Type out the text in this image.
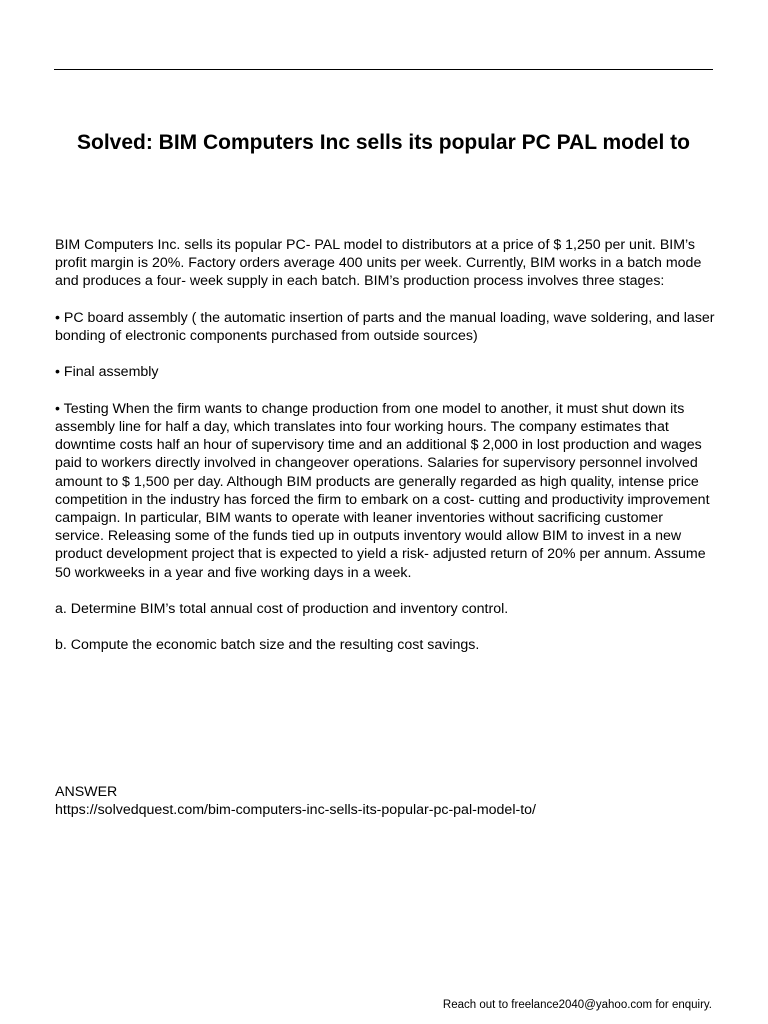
Solved: BIM Computers Inc sells its popular PC PAL model to

BIM Computers Inc. sells its popular PC- PAL model to distributors at a price of $ 1,250 per unit. BIM’s profit margin is 20%. Factory orders average 400 units per week. Currently, BIM works in a batch mode and produces a four- week supply in each batch. BIM’s production process involves three stages:

• PC board assembly ( the automatic insertion of parts and the manual loading, wave soldering, and laser bonding of electronic components purchased from outside sources)

• Final assembly

• Testing When the firm wants to change production from one model to another, it must shut down its assembly line for half a day, which translates into four working hours. The company estimates that downtime costs half an hour of supervisory time and an additional $ 2,000 in lost production and wages paid to workers directly involved in changeover operations. Salaries for supervisory personnel involved amount to $ 1,500 per day. Although BIM products are generally regarded as high quality, intense price competition in the industry has forced the firm to embark on a cost- cutting and productivity improvement campaign. In particular, BIM wants to operate with leaner inventories without sacrificing customer service. Releasing some of the funds tied up in outputs inventory would allow BIM to invest in a new product development project that is expected to yield a risk- adjusted return of 20% per annum. Assume 50 workweeks in a year and five working days in a week.

a. Determine BIM’s total annual cost of production and inventory control.

b. Compute the economic batch size and the resulting cost savings.

ANSWER
https://solvedquest.com/bim-computers-inc-sells-its-popular-pc-pal-model-to/
Reach out to freelance2040@yahoo.com for enquiry.
